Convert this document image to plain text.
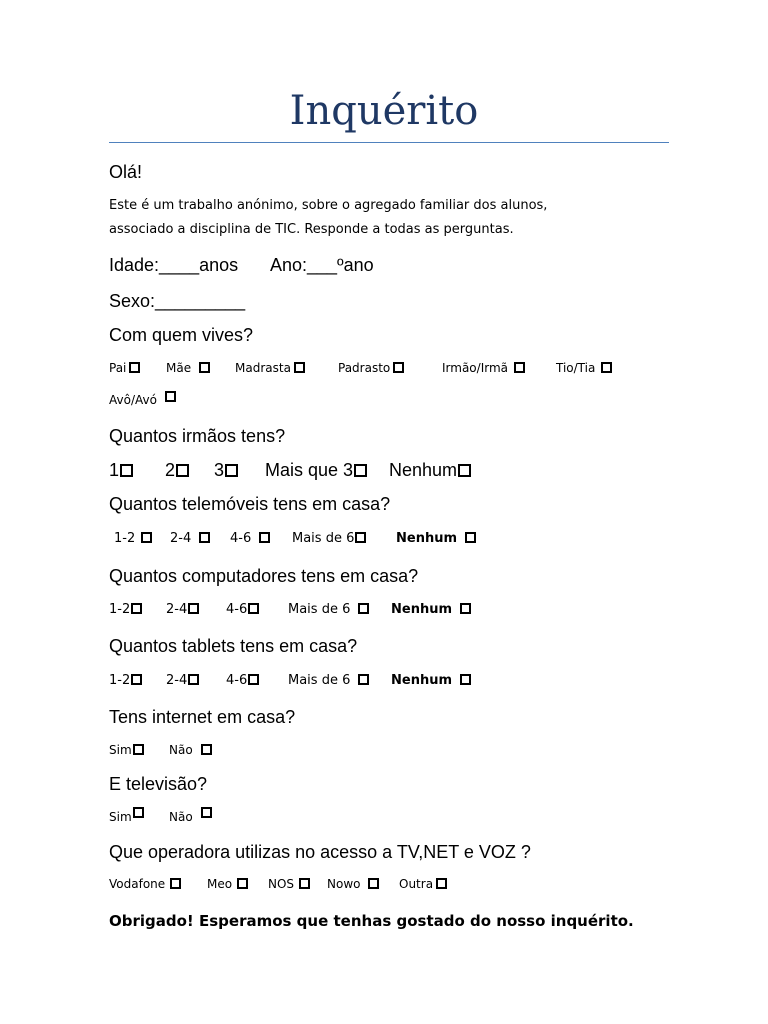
Inquérito
Olá!
Este é um trabalho anónimo, sobre o agregado familiar dos alunos,
associado a disciplina de TIC. Responde a todas as perguntas.
Idade:____anos Ano:___ºano
Sexo:_________
Com quem vives?
Pai	Mãe	Madrasta	Padrasto	Irmão/Irmã	Tio/Tia
Avô/Avó
Quantos irmãos tens?
1	2	3	Mais que 3	Nenhum
Quantos telemóveis tens em casa?
1-2	2-4	4-6	Mais de 6	Nenhum
Quantos computadores tens em casa?
1-2	2-4	4-6	Mais de 6	Nenhum
Quantos tablets tens em casa?
1-2	2-4	4-6	Mais de 6	Nenhum
Tens internet em casa?
Sim	Não
E televisão?
Sim	Não
Que operadora utilizas no acesso a TV,NET e VOZ ?
Vodafone	Meo	NOS	Nowo	Outra
Obrigado! Esperamos que tenhas gostado do nosso inquérito.
